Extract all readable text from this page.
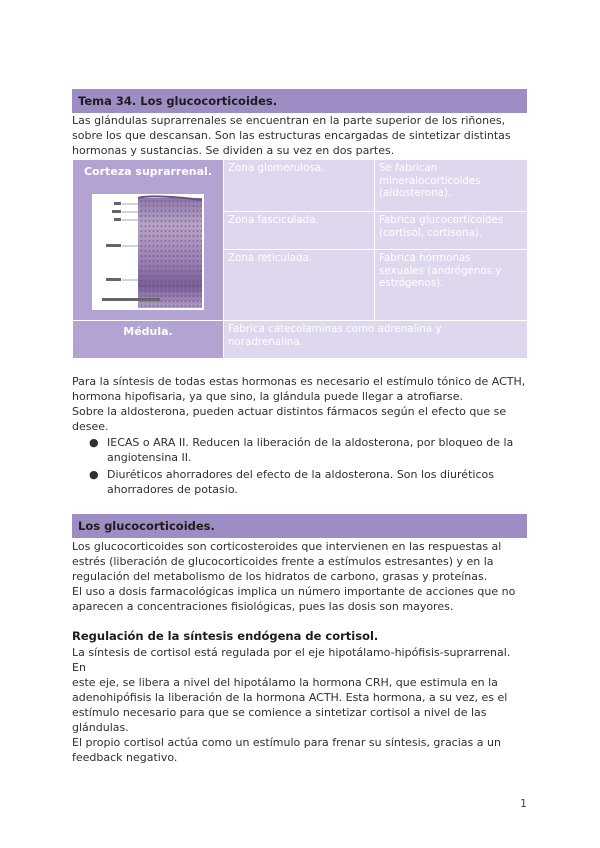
Tema 34. Los glucocorticoides.
Las glándulas suprarrenales se encuentran en la parte superior de los riñones,
sobre los que descansan. Son las estructuras encargadas de sintetizar distintas
hormonas y sustancias. Se dividen a su vez en dos partes.
Corteza suprarrenal.	Zona glomerulosa.	Se fabrican
mineralocorticoides
(aldosterona).

	Zona fasciculada.	Fabrica glucocorticoides
(cortisol, cortisona).

	Zona reticulada.	Fabrica hormonas
sexuales (andrógenos y
estrógenos).

Médula.	Fabrica catecolaminas como adrenalina y
noradrenalina.	
Para la síntesis de todas estas hormonas es necesario el estímulo tónico de ACTH,
hormona hipofisaria, ya que sino, la glándula puede llegar a atrofiarse.
Sobre la aldosterona, pueden actuar distintos fármacos según el efecto que se
desee.
● IECAS o ARA II. Reducen la liberación de la aldosterona, por bloqueo de la
angiotensina II.
● Diuréticos ahorradores del efecto de la aldosterona. Son los diuréticos
ahorradores de potasio.
Los glucocorticoides.
Los glucocorticoides son corticosteroides que intervienen en las respuestas al
estrés (liberación de glucocorticoides frente a estímulos estresantes) y en la
regulación del metabolismo de los hidratos de carbono, grasas y proteínas.
El uso a dosis farmacológicas implica un número importante de acciones que no
aparecen a concentraciones fisiológicas, pues las dosis son mayores.
Regulación de la síntesis endógena de cortisol.
La síntesis de cortisol está regulada por el eje hipotálamo-hipófisis-suprarrenal. En
este eje, se libera a nivel del hipotálamo la hormona CRH, que estimula en la
adenohipófisis la liberación de la hormona ACTH. Esta hormona, a su vez, es el
estímulo necesario para que se comience a sintetizar cortisol a nivel de las
glándulas.
El propio cortisol actúa como un estímulo para frenar su síntesis, gracias a un
feedback negativo.
1
